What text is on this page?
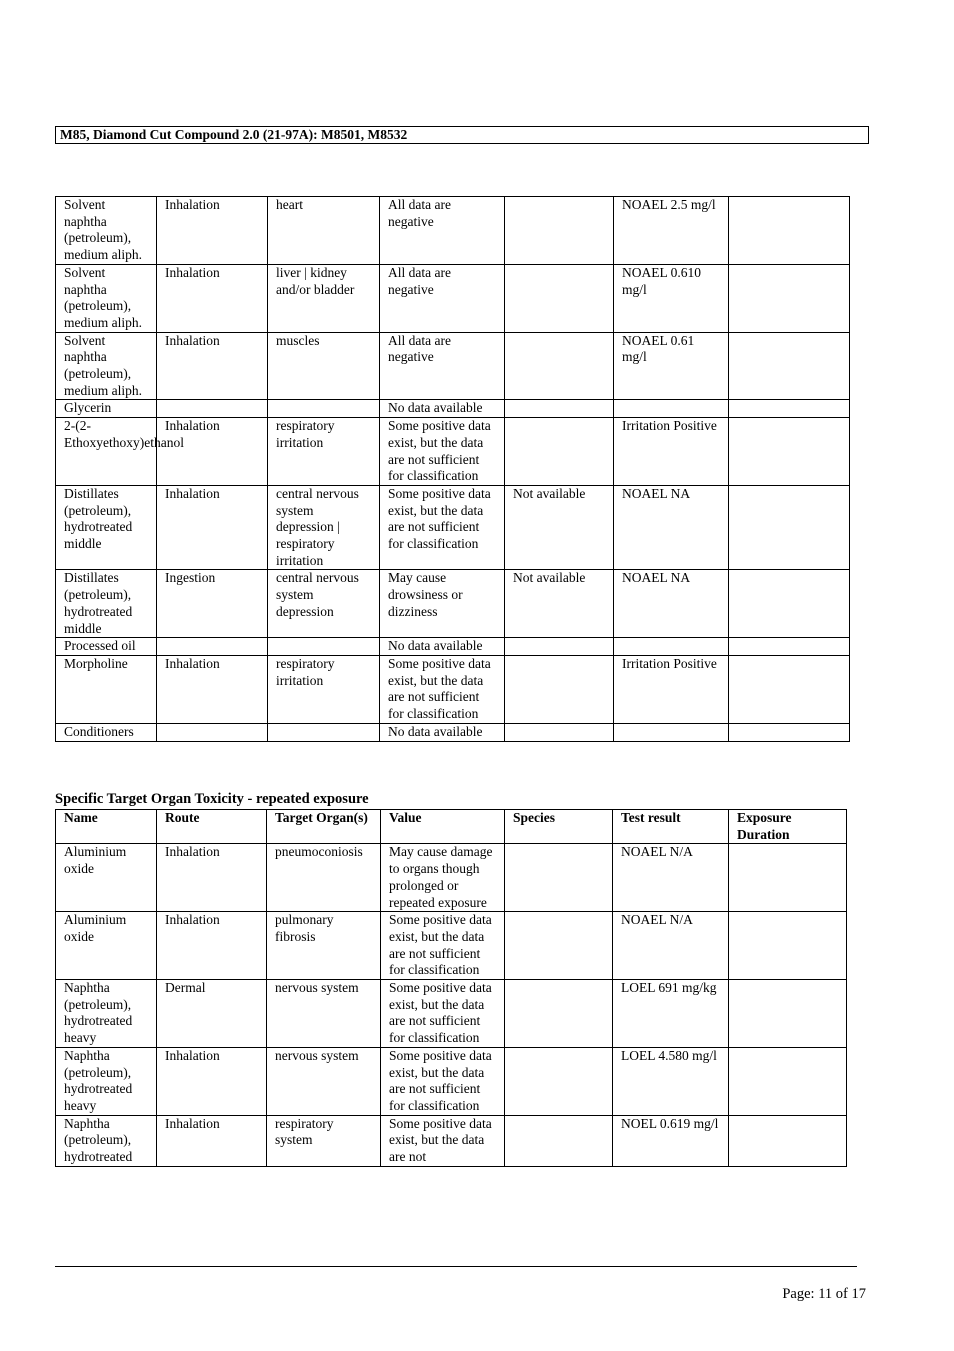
M85, Diamond Cut Compound 2.0 (21-97A): M8501, M8532
Solvent naphtha (petroleum), medium aliph.	Inhalation	heart	All data are negative		NOAEL 2.5 mg/l	
Solvent naphtha (petroleum), medium aliph.	Inhalation	liver | kidney and/or bladder	All data are negative		NOAEL 0.610 mg/l	
Solvent naphtha (petroleum), medium aliph.	Inhalation	muscles	All data are negative		NOAEL 0.61 mg/l	
Glycerin			No data available			
2-(2-Ethoxyethoxy)ethanol	Inhalation	respiratory irritation	Some positive data exist, but the data are not sufficient for classification		Irritation Positive	
Distillates (petroleum), hydrotreated middle	Inhalation	central nervous system depression | respiratory irritation	Some positive data exist, but the data are not sufficient for classification	Not available	NOAEL NA	
Distillates (petroleum), hydrotreated middle	Ingestion	central nervous system depression	May cause drowsiness or dizziness	Not available	NOAEL NA	
Processed oil			No data available			
Morpholine	Inhalation	respiratory irritation	Some positive data exist, but the data are not sufficient for classification		Irritation Positive	
Conditioners			No data available			
Specific Target Organ Toxicity - repeated exposure
Name	Route	Target Organ(s)	Value	Species	Test result	Exposure Duration
Aluminium oxide	Inhalation	pneumoconiosis	May cause damage to organs though prolonged or repeated exposure		NOAEL N/A	
Aluminium oxide	Inhalation	pulmonary fibrosis	Some positive data exist, but the data are not sufficient for classification		NOAEL N/A	
Naphtha (petroleum), hydrotreated heavy	Dermal	nervous system	Some positive data exist, but the data are not sufficient for classification		LOEL 691 mg/kg	
Naphtha (petroleum), hydrotreated heavy	Inhalation	nervous system	Some positive data exist, but the data are not sufficient for classification		LOEL 4.580 mg/l	
Naphtha (petroleum), hydrotreated	Inhalation	respiratory system	Some positive data exist, but the data are not		NOEL 0.619 mg/l	
Page: 11 of 17
